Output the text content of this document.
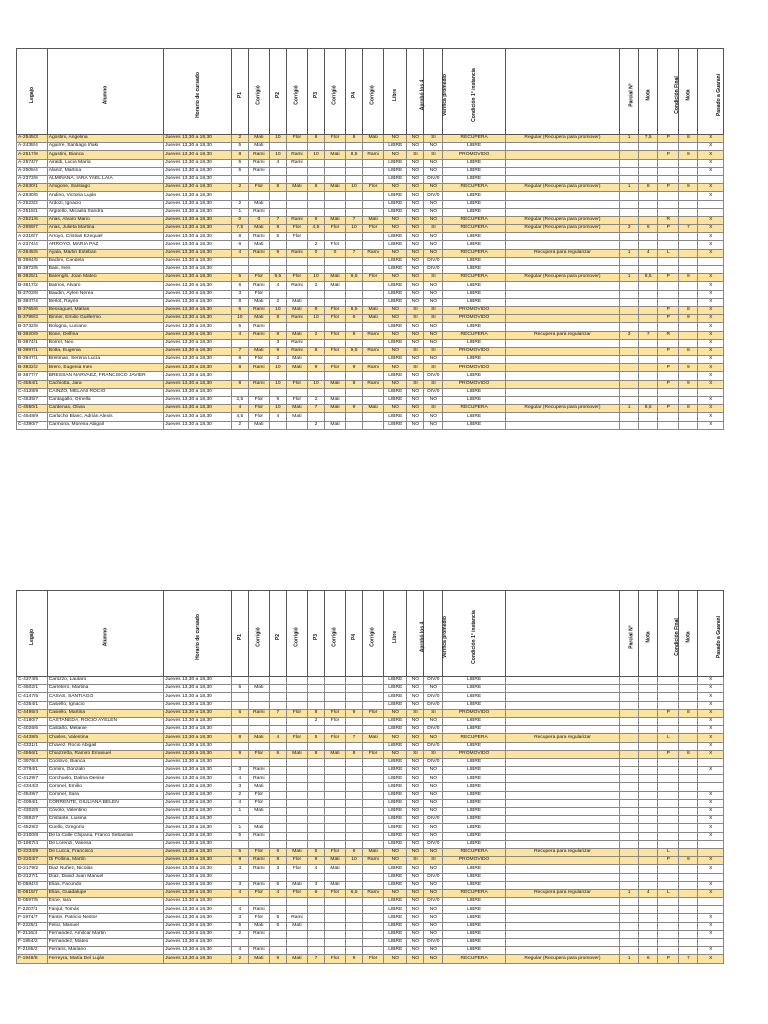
Legajo	Alumno	Horario de cursado	P1	Corrigió	P2	Corrigió	P3	Corrigió	P4	Corrigió	Libre	Aprobó los 4	Verifica promedio	Condición 1° instancia		Parcial N°	Nota	Condición Final	Nota	Pasado a Guaraní
A-2545/3	Agostini, Angelina	Jueves 13,30 a 18,30	2	Mati	10	Flor	9	Flor	9	Mati	NO	NO	SI	RECUPERA	Regular (Recupera para promover)	1	7,5	P	8	X
A-2438/4	Aguirre, Santiago Iñaki	Jueves 13,30 a 18,30	5	Mati							LIBRE	NO	NO	LIBRE						X
A-2517/8	Agustini, Bianca	Jueves 13,30 a 18,30	8	Rami	10	Rami	10	Mati	8,5	Rami	NO	SI	SI	PROMOVIDO				P	9	X
A-2574/7	Airaldi, Lucia María	Jueves 13,30 a 18,30	5	Rami	4	Rami					LIBRE	NO	NO	LIBRE						X
A-2505/4	Alaniz, Martina	Jueves 13,30 a 18,30	5	Rami							LIBRE	NO	NO	LIBRE						X
A-2373/6	ALMIÑANA, IARA YAEL LAIA	Jueves 13,30 a 18,30									LIBRE	NO	DIV/0	LIBRE						
A-2630/1	Amigone, Santiago	Jueves 13,30 a 18,30	2	Flor	8	Mati	6	Mati	10	Flor	NO	NO	NO	RECUPERA	Regular (Recupera para promover)	1	8	P	9	X
A-2530/5	Andino, Victoria Luján	Jueves 13,30 a 18,30									LIBRE	NO	DIV/0	LIBRE						X
A-2523/2	Ardozi, Ignacio	Jueves 13,30 a 18,30	2	Mati							LIBRE	NO	NO	LIBRE						
A-2515/1	Argüello, Micaela Sandra	Jueves 13,30 a 18,30	1	Rami							LIBRE	NO	NO	LIBRE						
A-2521/6	Arias, Alvaro Mario	Jueves 13,30 a 18,30	0	0	7	Rami	6	Mati	7	Mati	NO	NO	NO	RECUPERA	Regular (Recupera para promover)			R		X
A-2659/7	Arias, Julieta Martina	Jueves 13,30 a 18,30	7,5	Mati	8	Flor	4,5	Flor	10	Flor	NO	NO	SI	RECUPERA	Regular (Recupera para promover)	3	6	P	7	X
A-2316/7	Arroyo, Cristian Ezequiel	Jueves 13,30 a 18,30	8	Rami	5	Flor					LIBRE	NO	NO	LIBRE						X
A-2374/4	ARROYO, MARIA PAZ	Jueves 13,30 a 18,30	6	Mati			2	Flor			LIBRE	NO	NO	LIBRE						X
A-2645/5	Ayala, Martin Esteban	Jueves 13,30 a 18,30	4	Rami	9	Rami	0	0	7	Rami	NO	NO	NO	RECUPERA	Recupera para regularizar	1	4	L		X
B-3984/5	Baclini, Candela	Jueves 13,30 a 18,30									LIBRE	NO	DIV/0	LIBRE						
B-3872/5	Bani, Inés	Jueves 13,30 a 18,30									LIBRE	NO	DIV/0	LIBRE						
B-3925/1	Barenghi, Joan Mateo	Jueves 13,30 a 18,30	5	Flor	9,5	Flor	10	Mati	9,5	Flor	NO	NO	SI	RECUPERA	Regular (Recupera para promover)	1	8,5	P	9	X
B-3817/2	Barrios, Alvaro	Jueves 13,30 a 18,30	6	Rami	4	Rami	2	Mati			LIBRE	NO	NO	LIBRE						X
B-3703/8	Baudin, Aylen Nerea	Jueves 13,30 a 18,30	3	Flor							LIBRE	NO	NO	LIBRE						X
B-3847/4	Berlot, Rayén	Jueves 13,30 a 18,30	8	Mati	2	Mati					LIBRE	NO	NO	LIBRE						X
B-3765/6	Bessaguet, Matías	Jueves 13,30 a 18,30	6	Rami	10	Mati	8	Flor	8,5	Mati	NO	SI	SI	PROMOVIDO				P	8	X
B-3799/3	Binner, Emilio Guillermo	Jueves 13,30 a 18,30	10	Mati	8	Rami	10	Flor	6	Mati	NO	SI	SI	PROMOVIDO				P	9	X
B-3732/5	Bologna, Luciano	Jueves 13,30 a 18,30	5	Rami							LIBRE	NO	NO	LIBRE						X
B-3920/9	Bone, Delfina	Jueves 13,30 a 18,30	4	Rami	8	Mati	2	Flor	9	Rami	NO	NO	NO	RECUPERA	Recupera para regularizar	3	7	R		X
B-3874/1	Borrel, Neo	Jueves 13,30 a 18,30			3	Rami					LIBRE	NO	NO	LIBRE						X
B-3897/1	Botta, Eugenia	Jueves 13,30 a 18,30	7	Mati	9	Rami	8	Flor	9,5	Rami	NO	SI	SI	PROMOVIDO				P	8	X
B-3947/1	Breitman, Serena Lucía	Jueves 13,30 a 18,30	8	Flor	2	Mati					LIBRE	NO	NO	LIBRE						X
B-3932/2	Brero, Eugenia Ines	Jueves 13,30 a 18,30	8	Rami	10	Mati	9	Flor	9	Rami	NO	SI	SI	PROMOVIDO				P	9	X
B-3677/7	BRESSAN NARVAEZ, FRANCISCO JAVIER	Jueves 13,30 a 18,30									LIBRE	NO	DIV/0	LIBRE						X
C-4564/1	Cachiotta, Jara	Jueves 13,30 a 18,30	8	Rami	10	Flor	10	Mati	8	Rami	NO	SI	SI	PROMOVIDO				P	9	X
C-4128/9	CAINZO, MELANI ROCIO	Jueves 13,30 a 18,30									LIBRE	NO	DIV/0	LIBRE						
C-4535/7	Cantagallo, Ornella	Jueves 13,30 a 18,30	2,5	Flor	9	Flor	2	Mati			LIBRE	NO	NO	LIBRE						X
C-4550/1	Cardenas, Olivia	Jueves 13,30 a 18,30	4	Flor	10	Mati	7	Mati	9	Mati	NO	NO	SI	RECUPERA	Regular (Recupera para promover)	1	8,5	P	8	X
C-4548/9	Carlucho Blanc, Adrián Alexis	Jueves 13,30 a 18,30	4,5	Flor	4	Mati					LIBRE	NO	NO	LIBRE						X
C-4390/7	Carmona, Morena Abigail	Jueves 13,30 a 18,30	2	Mati			2	Mati			LIBRE	NO	NO	LIBRE						X
Legajo	Alumno	Horario de cursado	P1	Corrigió	P2	Corrigió	P3	Corrigió	P4	Corrigió	Libre	Aprobó los 4	Verifica promedio	Condición 1° instancia		Parcial N°	Nota	Condición Final	Nota	Pasado a Guaraní
C-4374/5	Carozzo, Lautaro	Jueves 13,30 a 18,30									LIBRE	NO	DIV/0	LIBRE						X
C-4502/1	Carretero, Martina	Jueves 13,30 a 18,30	5	Mati							LIBRE	NO	NO	LIBRE						X
C-4147/5	CASAS, SANTIAGO	Jueves 13,30 a 18,30									LIBRE	NO	DIV/0	LIBRE						X
C-4354/1	Casiello, Ignacio	Jueves 13,30 a 18,30									LIBRE	NO	DIV/0	LIBRE						X
C-4495/4	Casiello, Martina	Jueves 13,30 a 18,30	6	Rami	7	Flor	8	Flor	9	Flor	NO	SI	SI	PROMOVIDO				P	8	X
C-4180/7	CASTAÑEDA, ROCIO AYELEN	Jueves 13,30 a 18,30					2	Flor			LIBRE	NO	NO	LIBRE						X
C-4026/6	Castaño, Melanie	Jueves 13,30 a 18,30									LIBRE	NO	DIV/0	LIBRE						X
C-4438/5	Charles, Valentina	Jueves 13,30 a 18,30	8	Mati	4	Flor	5	Flor	7	Mati	NO	NO	NO	RECUPERA	Recupera para regularizar			L		X
C-4331/1	Chavez, Rocio Abigail	Jueves 13,30 a 18,30									LIBRE	NO	DIV/0	LIBRE						X
C-4556/1	Chiazzetta, Ramiro Emanuel	Jueves 13,30 a 18,30	9	Flor	6	Mati	8	Mati	8	Flor	NO	SI	SI	PROMOVIDO				P	8	X
C-3976/4	Cocilovo, Bianca	Jueves 13,30 a 18,30									LIBRE	NO	DIV/0	LIBRE						
C-3794/1	Comini, Gonzalo	Jueves 13,30 a 18,30	3	Rami							LIBRE	NO	NO	LIBRE						X
C-4129/7	Corchuelo, Dalma Denise	Jueves 13,30 a 18,30	4	Rami							LIBRE	NO	NO	LIBRE						
C-4344/3	Coronel, Emilio	Jueves 13,30 a 18,30	3	Mati							LIBRE	NO	NO	LIBRE						
C-4549/7	Coronel, Sara	Jueves 13,30 a 18,30	2	Flor							LIBRE	NO	NO	LIBRE						X
C-4094/1	CORRENTE, GIULIANA BELEN	Jueves 13,30 a 18,30	4	Flor							LIBRE	NO	NO	LIBRE						X
C-4302/8	Cóvolo, Valentino	Jueves 13,30 a 18,30	1	Mati							LIBRE	NO	NO	LIBRE						X
C-3692/7	Cristante, Luisina	Jueves 13,30 a 18,30									LIBRE	NO	DIV/0	LIBRE						X
C-4529/2	Cuello, Gregorio	Jueves 13,30 a 18,30	1	Mati							LIBRE	NO	NO	LIBRE						X
D-2100/8	De la Calle Chipana, Franco Sebastian	Jueves 13,30 a 18,30	5	Rami							LIBRE	NO	NO	LIBRE						X
D-1967/4	De Lorenzi, Vanesa	Jueves 13,30 a 18,30									LIBRE	NO	DIV/0	LIBRE						
D-2234/9	De Lucca, Francisco	Jueves 13,30 a 18,30	5	Flor	6	Mati	5	Flor	6	Mati	NO	NO	NO	RECUPERA	Recupera para regularizar			L		
D-2204/7	Di Pollina, Martin	Jueves 13,30 a 18,30	8	Rami	8	Flor	9	Mati	10	Rami	NO	SI	SI	PROMOVIDO				P	9	X
D-2179/2	Diaz Nuñez, Nicolás	Jueves 13,30 a 18,30	3	Rami	3	Flor	4	Mati			LIBRE	NO	NO	LIBRE						X
D-2127/1	Díaz, David Juan Manuel	Jueves 13,30 a 18,30									LIBRE	NO	DIV/0	LIBRE						
E-0584/3	Elías, Facundo	Jueves 13,30 a 18,30	3	Rami	5	Mati	3	Mati			LIBRE	NO	NO	LIBRE						X
E-0615/7	Elías, Guadalupe	Jueves 13,30 a 18,30	4	Flor	4	Flor	6	Flor	6,5	Rami	NO	NO	NO	RECUPERA	Recupera para regularizar	1	4	L		X
E-0597/5	Esne, Iara	Jueves 13,30 a 18,30									LIBRE	NO	DIV/0	LIBRE						
F-2207/1	Fanjul, Tomás	Jueves 13,30 a 18,30	4	Rami							LIBRE	NO	NO	LIBRE						
F-1974/7	Fantin, Patricio Nestor	Jueves 13,30 a 18,30	3	Flor	5	Rami					LIBRE	NO	NO	LIBRE						X
F-2225/1	Felici, Manuel	Jueves 13,30 a 18,30	5	Mati	6	Mati					LIBRE	NO	NO	LIBRE						X
F-2116/4	Fernandez, Amilcar Martin	Jueves 13,30 a 18,30	2	Rami							LIBRE	NO	NO	LIBRE						X
F-1954/2	Fernandez, Mateo	Jueves 13,30 a 18,30									LIBRE	NO	DIV/0	LIBRE						
F-2165/2	Ferraris, Mariano	Jueves 13,30 a 18,30	4	Rami							LIBRE	NO	NO	LIBRE						X
F-1948/8	Ferreyra, María Del Luján	Jueves 13,30 a 18,30	2	Mati	9	Mati	7	Flor	9	Flor	NO	NO	NO	RECUPERA	Regular (Recupera para promover)	1	6	P	7	X
